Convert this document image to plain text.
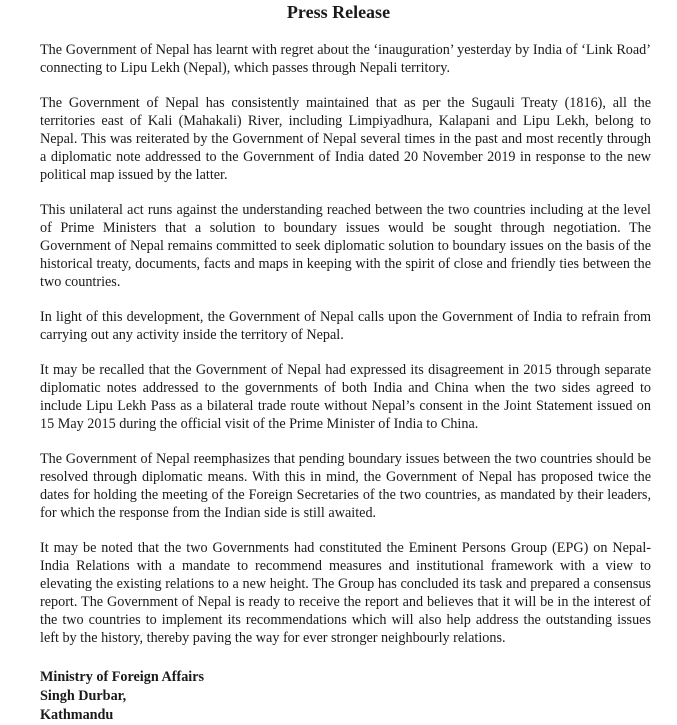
Press Release

The Government of Nepal has learnt with regret about the ‘inauguration’ yesterday by India of ‘Link Road’ connecting to Lipu Lekh (Nepal), which passes through Nepali territory.

The Government of Nepal has consistently maintained that as per the Sugauli Treaty (1816), all the territories east of Kali (Mahakali) River, including Limpiyadhura, Kalapani and Lipu Lekh, belong to Nepal. This was reiterated by the Government of Nepal several times in the past and most recently through a diplomatic note addressed to the Government of India dated 20 November 2019 in response to the new political map issued by the latter.

This unilateral act runs against the understanding reached between the two countries including at the level of Prime Ministers that a solution to boundary issues would be sought through negotiation. The Government of Nepal remains committed to seek diplomatic solution to boundary issues on the basis of the historical treaty, documents, facts and maps in keeping with the spirit of close and friendly ties between the two countries.

In light of this development, the Government of Nepal calls upon the Government of India to refrain from carrying out any activity inside the territory of Nepal.

It may be recalled that the Government of Nepal had expressed its disagreement in 2015 through separate diplomatic notes addressed to the governments of both India and China when the two sides agreed to include Lipu Lekh Pass as a bilateral trade route without Nepal’s consent in the Joint Statement issued on 15 May 2015 during the official visit of the Prime Minister of India to China.

The Government of Nepal reemphasizes that pending boundary issues between the two countries should be resolved through diplomatic means. With this in mind, the Government of Nepal has proposed twice the dates for holding the meeting of the Foreign Secretaries of the two countries, as mandated by their leaders, for which the response from the Indian side is still awaited.

It may be noted that the two Governments had constituted the Eminent Persons Group (EPG) on Nepal-India Relations with a mandate to recommend measures and institutional framework with a view to elevating the existing relations to a new height. The Group has concluded its task and prepared a consensus report. The Government of Nepal is ready to receive the report and believes that it will be in the interest of the two countries to implement its recommendations which will also help address the outstanding issues left by the history, thereby paving the way for ever stronger neighbourly relations.

Ministry of Foreign Affairs
Singh Durbar,
Kathmandu
